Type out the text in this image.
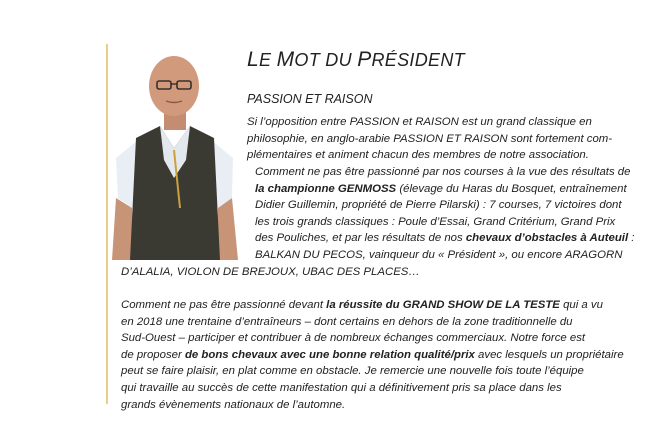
LE MOT DU PRÉSIDENT
PASSION ET RAISON
Si l’opposition entre PASSION et RAISON est un grand classique en
philosophie, en anglo-arabie PASSION ET RAISON sont fortement com-
plémentaires et animent chacun des membres de notre association.
Comment ne pas être passionné par nos courses à la vue des résultats de
la championne GENMOSS (élevage du Haras du Bosquet, entraînement
Didier Guillemin, propriété de Pierre Pilarski) : 7 courses, 7 victoires dont
les trois grands classiques : Poule d’Essai, Grand Critérium, Grand Prix
des Pouliches, et par les résultats de nos chevaux d’obstacles à Auteuil :
BALKAN DU PECOS, vainqueur du « Président », ou encore ARAGORN
D’ALALIA, VIOLON DE BREJOUX, UBAC DES PLACES…
Comment ne pas être passionné devant la réussite du GRAND SHOW DE LA TESTE qui a vu
en 2018 une trentaine d’entraîneurs – dont certains en dehors de la zone traditionnelle du
Sud-Ouest – participer et contribuer à de nombreux échanges commerciaux. Notre force est
de proposer de bons chevaux avec une bonne relation qualité/prix avec lesquels un propriétaire
peut se faire plaisir, en plat comme en obstacle. Je remercie une nouvelle fois toute l’équipe
qui travaille au succès de cette manifestation qui a définitivement pris sa place dans les
grands évènements nationaux de l’automne.
